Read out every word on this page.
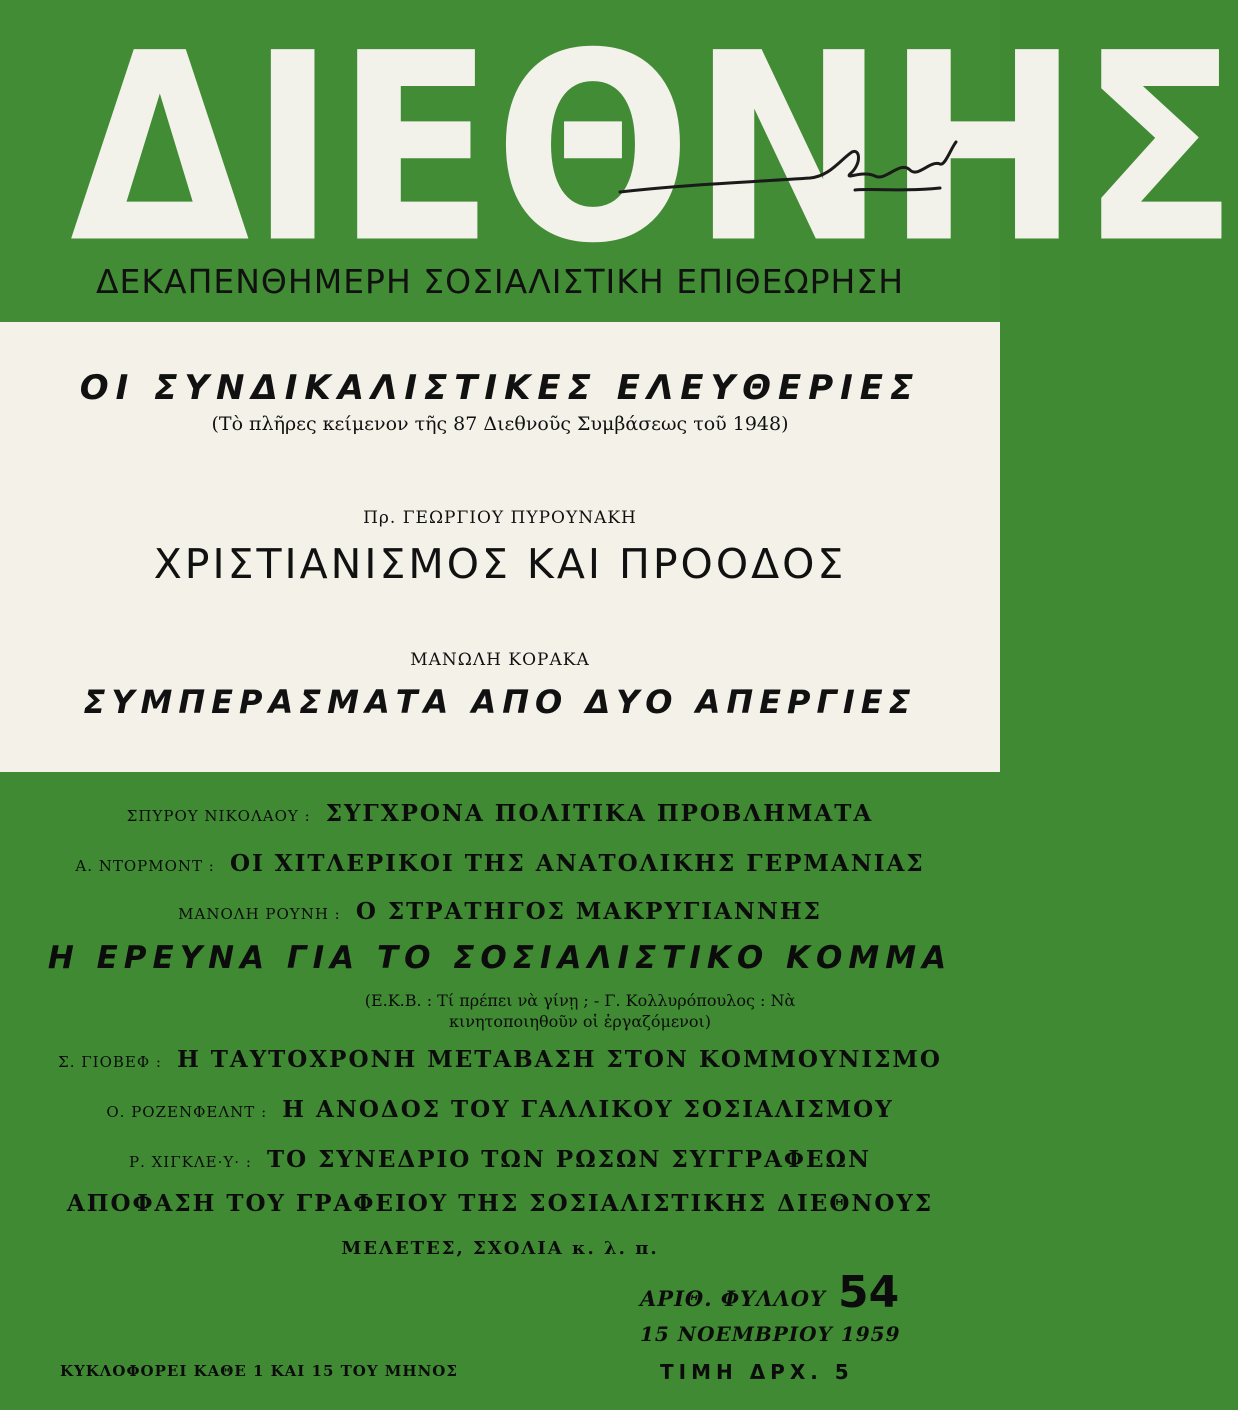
Δ Ι Ε Θ Ν Η Σ

ΔΕΚΑΠΕΝΘΗΜΕΡΗ ΣΟΣΙΑΛΙΣΤΙΚΗ ΕΠΙΘΕΩΡΗΣΗ

ΟΙ ΣΥΝΔΙΚΑΛΙΣΤΙΚΕΣ ΕΛΕΥΘΕΡΙΕΣ

(Τὸ πλῆρες κείμενον τῆς 87 Διεθνοῦς Συμβάσεως τοῦ 1948)

Πρ. ΓΕΩΡΓΙΟΥ ΠΥΡΟΥΝΑΚΗ

ΧΡΙΣΤΙΑΝΙΣΜΟΣ ΚΑΙ ΠΡΟΟΔΟΣ

ΜΑΝΩΛΗ ΚΟΡΑΚΑ

ΣΥΜΠΕΡΑΣΜΑΤΑ ΑΠΟ ΔΥΟ ΑΠΕΡΓΙΕΣ

ΣΠΥΡΟΥ ΝΙΚΟΛΑΟΥ : ΣΥΓΧΡΟΝΑ ΠΟΛΙΤΙΚΑ ΠΡΟΒΛΗΜΑΤΑ
Α. ΝΤΟΡΜΟΝΤ : ΟΙ ΧΙΤΛΕΡΙΚΟΙ ΤΗΣ ΑΝΑΤΟΛΙΚΗΣ ΓΕΡΜΑΝΙΑΣ
ΜΑΝΟΛΗ ΡΟΥΝΗ : Ο ΣΤΡΑΤΗΓΟΣ ΜΑΚΡΥΓΙΑΝΝΗΣ
Η ΕΡΕΥΝΑ ΓΙΑ ΤΟ ΣΟΣΙΑΛΙΣΤΙΚΟ ΚΟΜΜΑ
(Ε.Κ.Β. : Τί πρέπει νὰ γίνῃ ; - Γ. Κολλυρόπουλος : Νὰ κινητοποιηθοῦν οἱ ἐργαζόμενοι)
Σ. ΓΙΟΒΕΦ : Η ΤΑΥΤΟΧΡΟΝΗ ΜΕΤΑΒΑΣΗ ΣΤΟΝ ΚΟΜΜΟΥΝΙΣΜΟ
Ο. ΡΟΖΕΝΦΕΛΝΤ : Η ΑΝΟΔΟΣ ΤΟΥ ΓΑΛΛΙΚΟΥ ΣΟΣΙΑΛΙΣΜΟΥ
Ρ. ΧΙΓΚΛΕ·Υ· : ΤΟ ΣΥΝΕΔΡΙΟ ΤΩΝ ΡΩΣΩΝ ΣΥΓΓΡΑΦΕΩΝ
ΑΠΟΦΑΣΗ ΤΟΥ ΓΡΑΦΕΙΟΥ ΤΗΣ ΣΟΣΙΑΛΙΣΤΙΚΗΣ ΔΙΕΘΝΟΥΣ
ΜΕΛΕΤΕΣ, ΣΧΟΛΙΑ κ. λ. π.
ΑΡΙΘ. ΦΥΛΛΟΥ 54
15 ΝΟΕΜΒΡΙΟΥ 1959
ΚΥΚΛΟΦΟΡΕΙ ΚΑΘΕ 1 ΚΑΙ 15 ΤΟΥ ΜΗΝΟΣ	ΤΙΜΗ ΔΡΧ. 5
